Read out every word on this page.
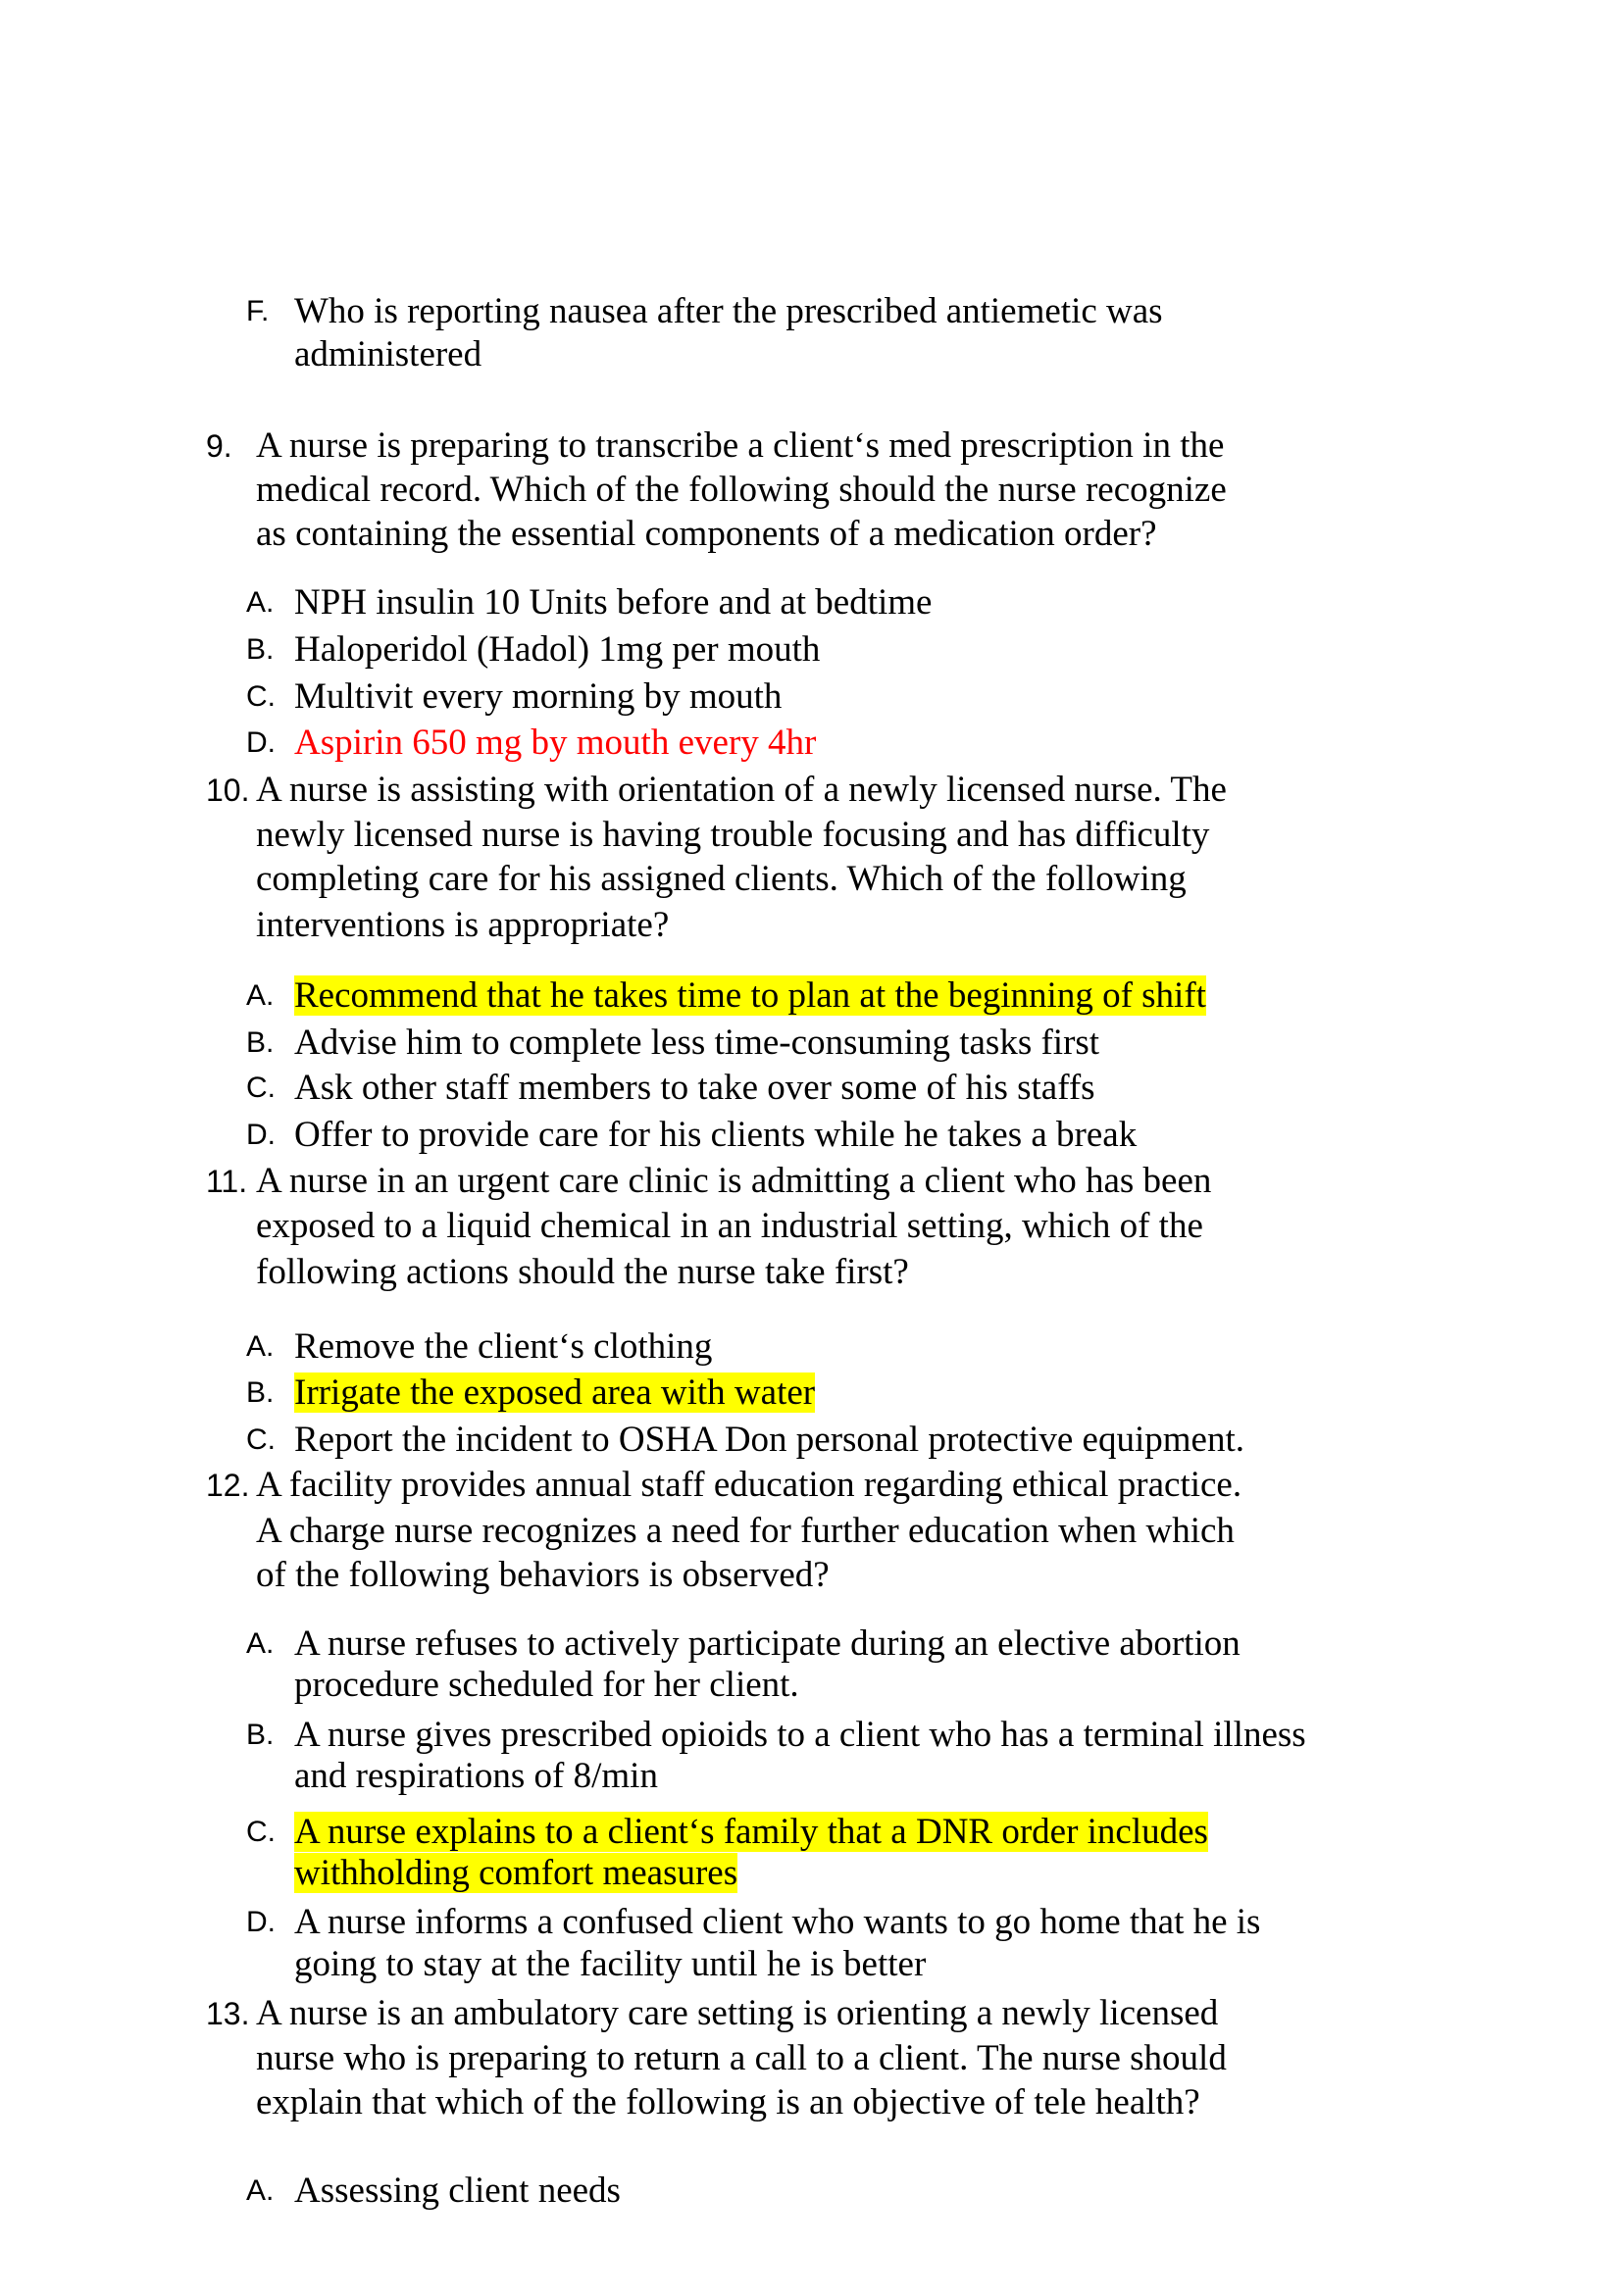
F. Who is reporting nausea after the prescribed antiemetic was
administered
9. A nurse is preparing to transcribe a client‘s med prescription in the
medical record. Which of the following should the nurse recognize
as containing the essential components of a medication order?
A. NPH insulin 10 Units before and at bedtime
B. Haloperidol (Hadol) 1mg per mouth
C. Multivit every morning by mouth
D. Aspirin 650 mg by mouth every 4hr
10. A nurse is assisting with orientation of a newly licensed nurse. The
newly licensed nurse is having trouble focusing and has difficulty
completing care for his assigned clients. Which of the following
interventions is appropriate?
A. Recommend that he takes time to plan at the beginning of shift
B. Advise him to complete less time-consuming tasks first
C. Ask other staff members to take over some of his staffs
D. Offer to provide care for his clients while he takes a break
11. A nurse in an urgent care clinic is admitting a client who has been
exposed to a liquid chemical in an industrial setting, which of the
following actions should the nurse take first?
A. Remove the client‘s clothing
B. Irrigate the exposed area with water
C. Report the incident to OSHA Don personal protective equipment.
12. A facility provides annual staff education regarding ethical practice.
A charge nurse recognizes a need for further education when which
of the following behaviors is observed?
A. A nurse refuses to actively participate during an elective abortion
procedure scheduled for her client.
B. A nurse gives prescribed opioids to a client who has a terminal illness
and respirations of 8/min
C. A nurse explains to a client‘s family that a DNR order includes
withholding comfort measures
D. A nurse informs a confused client who wants to go home that he is
going to stay at the facility until he is better
13. A nurse is an ambulatory care setting is orienting a newly licensed
nurse who is preparing to return a call to a client. The nurse should
explain that which of the following is an objective of tele health?
A. Assessing client needs
